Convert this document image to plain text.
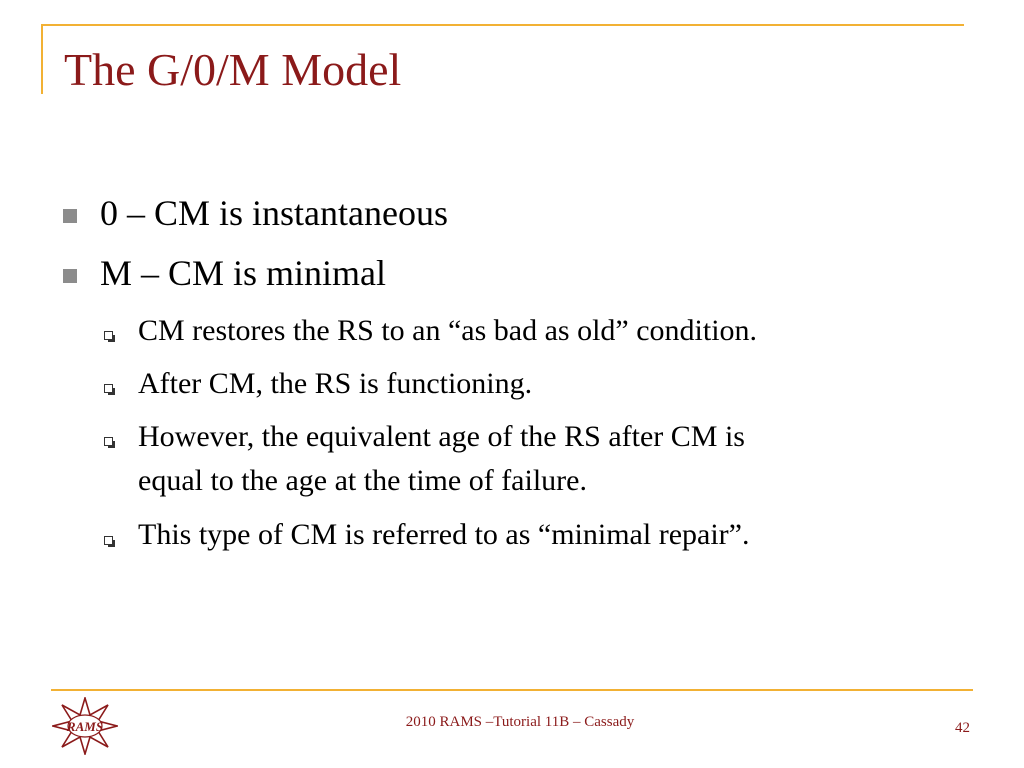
The G/0/M Model
0 – CM is instantaneous
M – CM is minimal
CM restores the RS to an “as bad as old” condition.
After CM, the RS is functioning.
However, the equivalent age of the RS after CM is
equal to the age at the time of failure.
This type of CM is referred to as “minimal repair”.
RAMS	2010 RAMS –Tutorial 11B – Cassady	42
